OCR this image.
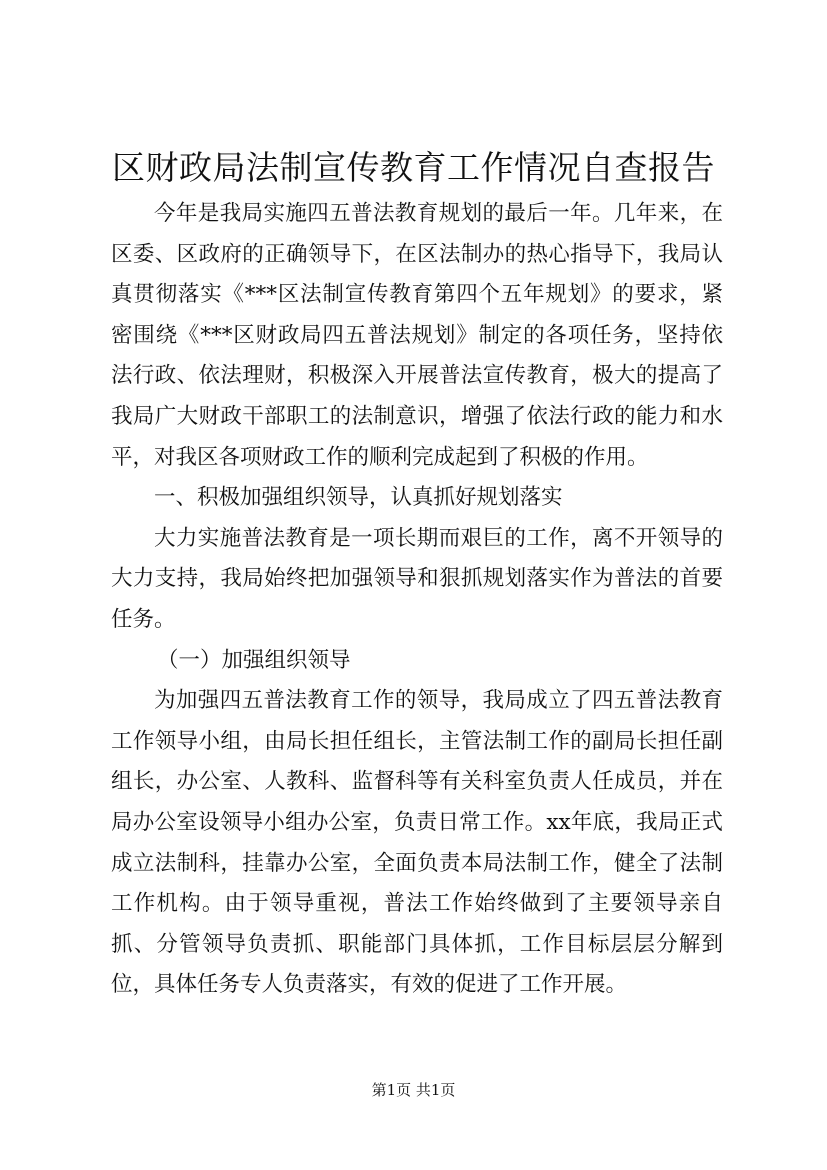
区财政局法制宣传教育工作情况自查报告

今年是我局实施四五普法教育规划的最后一年。几年来，在区委、区政府的正确领导下，在区法制办的热心指导下，我局认真贯彻落实《***区法制宣传教育第四个五年规划》的要求，紧密围绕《***区财政局四五普法规划》制定的各项任务，坚持依法行政、依法理财，积极深入开展普法宣传教育，极大的提高了我局广大财政干部职工的法制意识，增强了依法行政的能力和水平，对我区各项财政工作的顺利完成起到了积极的作用。

一、积极加强组织领导，认真抓好规划落实

大力实施普法教育是一项长期而艰巨的工作，离不开领导的大力支持，我局始终把加强领导和狠抓规划落实作为普法的首要任务。

（一）加强组织领导

为加强四五普法教育工作的领导，我局成立了四五普法教育工作领导小组，由局长担任组长，主管法制工作的副局长担任副组长，办公室、人教科、监督科等有关科室负责人任成员，并在局办公室设领导小组办公室，负责日常工作。xx年底，我局正式成立法制科，挂靠办公室，全面负责本局法制工作，健全了法制工作机构。由于领导重视，普法工作始终做到了主要领导亲自抓、分管领导负责抓、职能部门具体抓，工作目标层层分解到位，具体任务专人负责落实，有效的促进了工作开展。

第1页 共1页
